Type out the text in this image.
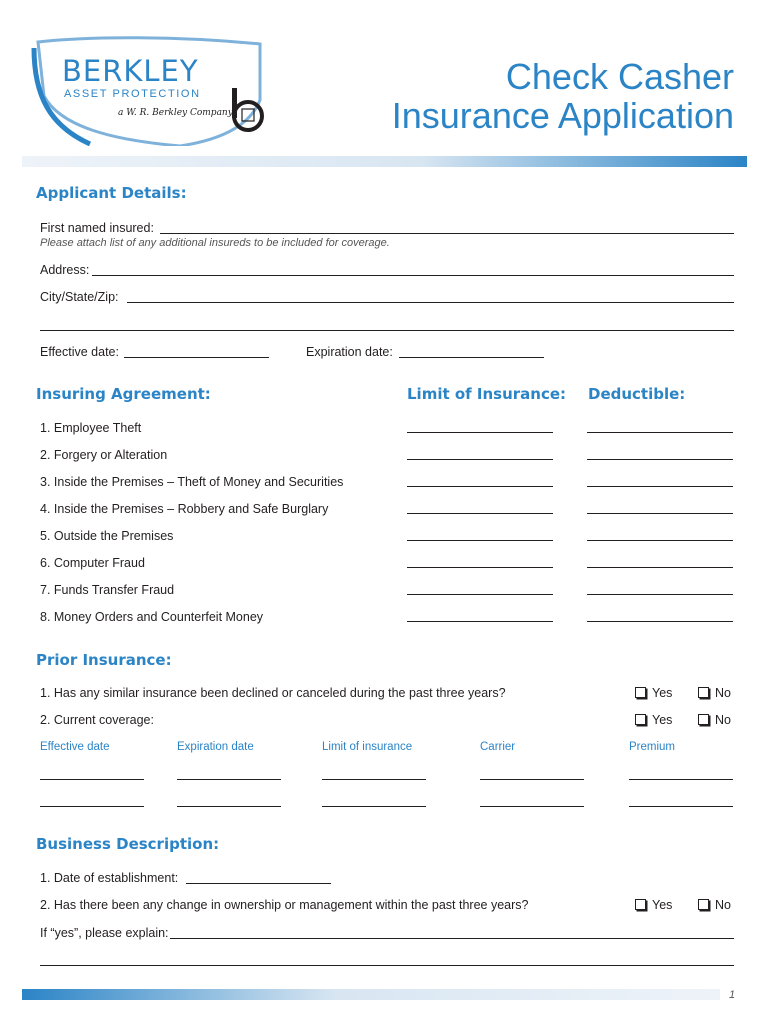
BERKLEY
ASSET PROTECTION
a W. R. Berkley Company
Check Casher
Insurance Application
Applicant Details:
First named insured:
Please attach list of any additional insureds to be included for coverage.
Address:
City/State/Zip:
Effective date:	Expiration date:
Insuring Agreement:	Limit of Insurance: Deductible:
1. Employee Theft
2. Forgery or Alteration
3. Inside the Premises – Theft of Money and Securities
4. Inside the Premises – Robbery and Safe Burglary
5. Outside the Premises
6. Computer Fraud
7. Funds Transfer Fraud
8. Money Orders and Counterfeit Money
Prior Insurance:
1. Has any similar insurance been declined or canceled during the past three years?	Yes	No
2. Current coverage:	Yes	No
Effective date	Expiration date	Limit of insurance	Carrier	Premium
Business Description:
1. Date of establishment:
2. Has there been any change in ownership or management within the past three years?	Yes	No
If “yes”, please explain:
1
